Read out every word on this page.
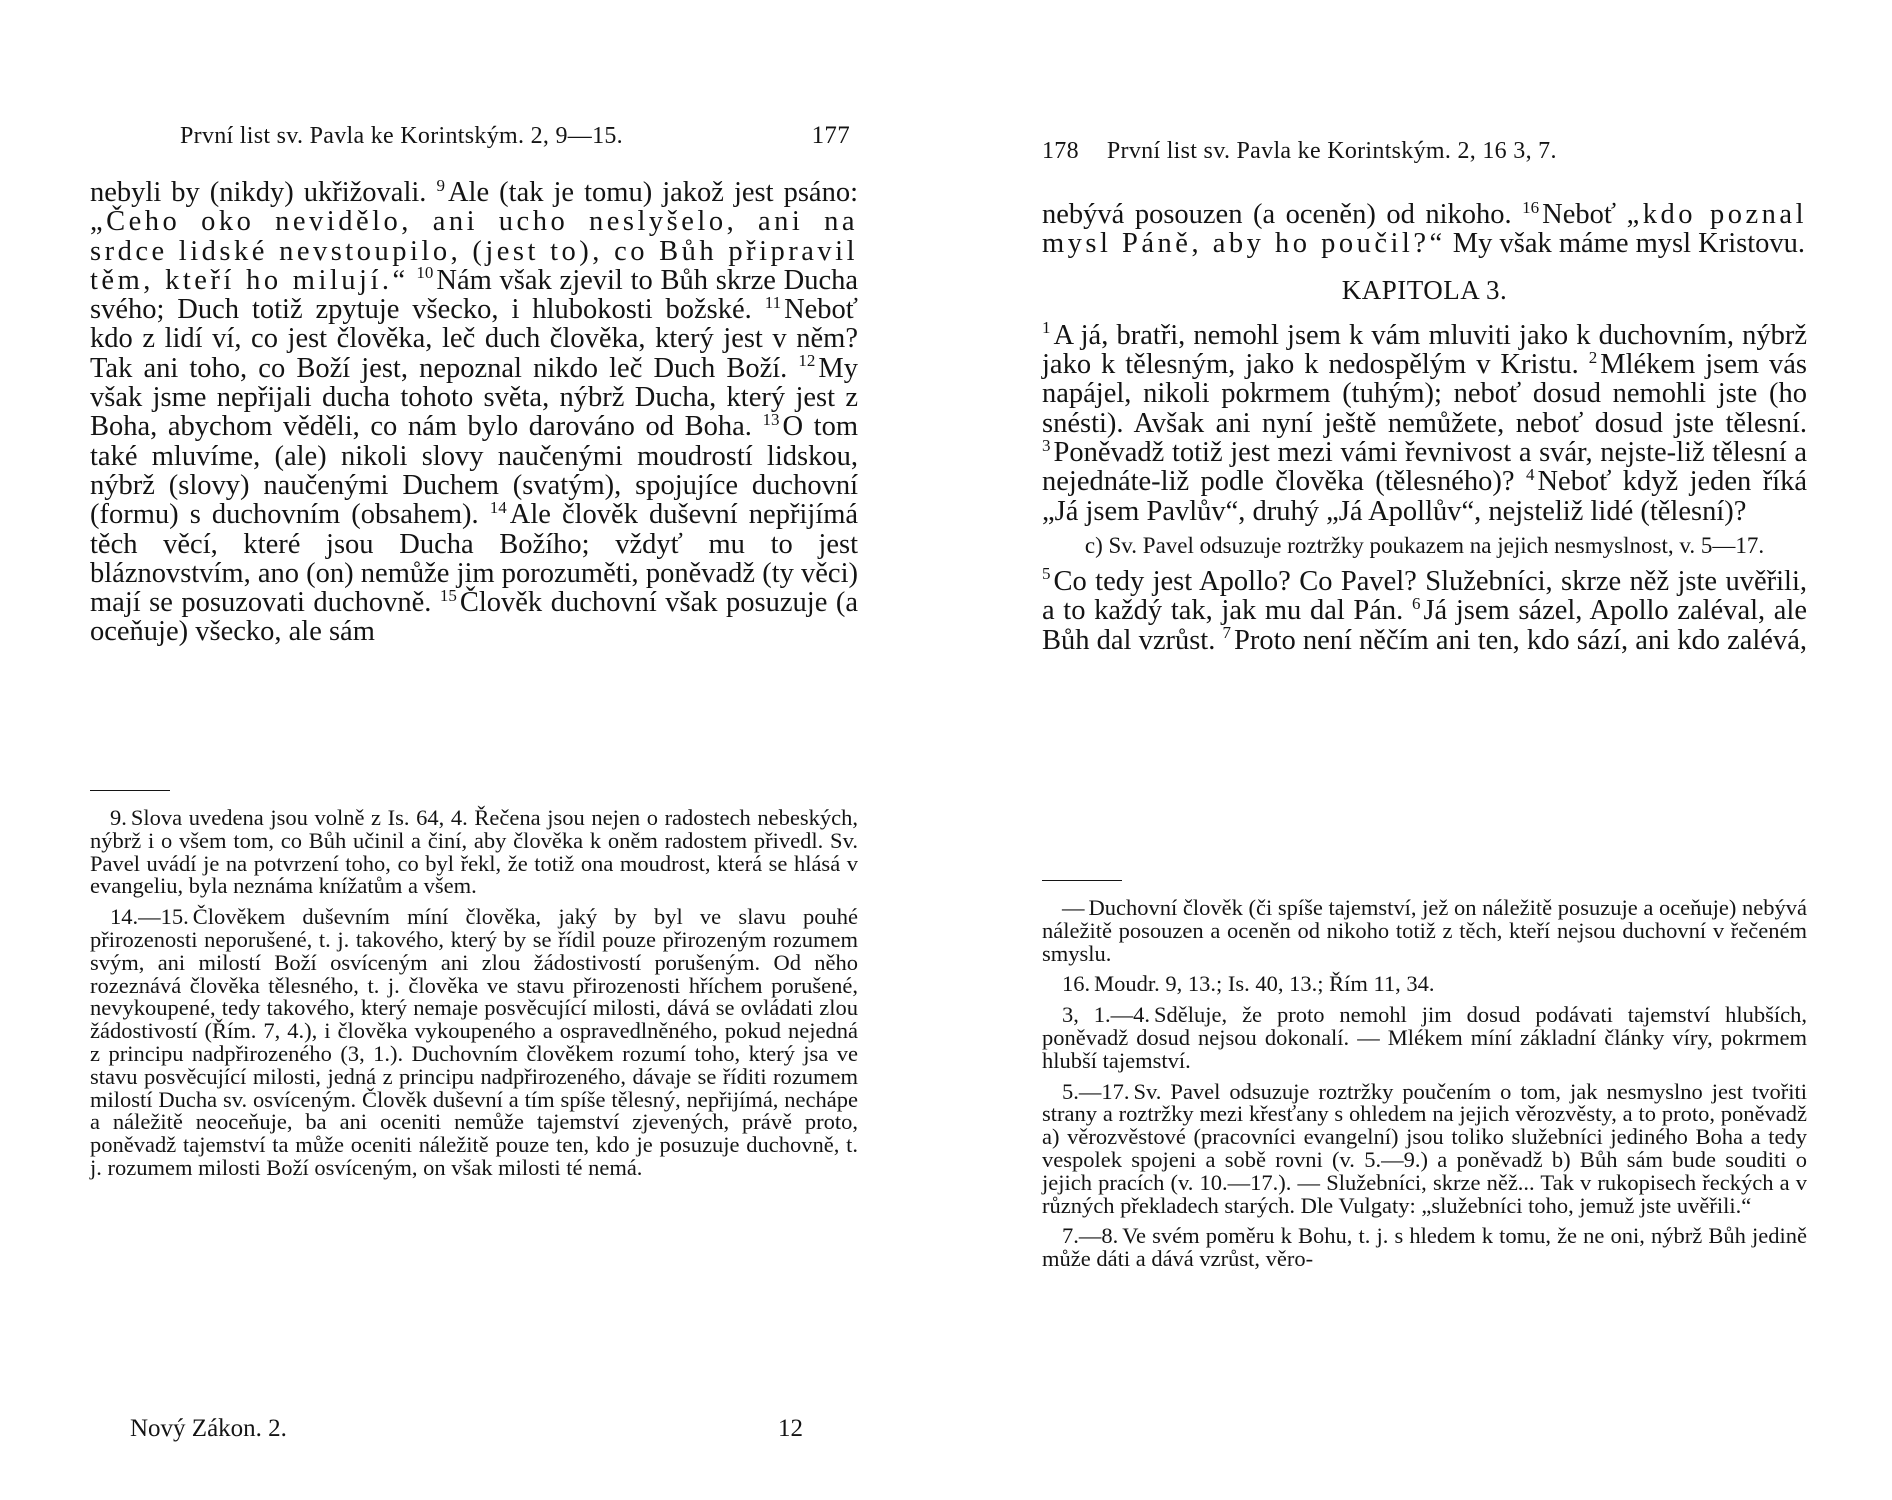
První list sv. Pavla ke Korintským. 2, 9—15.	177

nebyli by (nikdy) ukřižovali. $^9$ Ale (tak je tomu) jakož jest psáno: „Čeho oko nevidělo, ani ucho neslyšelo, ani na srdce lidské nevstoupilo, (jest to), co Bůh připravil těm, kteří ho milují.“ $^{10}$ Nám však zjevil to Bůh skrze Ducha svého; Duch totiž zpytuje všecko, i hlubokosti božské. $^{11}$ Neboť kdo z lidí ví, co jest člověka, leč duch člověka, který jest v něm? Tak ani toho, co Boží jest, nepoznal nikdo leč Duch Boží. $^{12}$ My však jsme nepřijali ducha tohoto světa, nýbrž Ducha, který jest z Boha, abychom věděli, co nám bylo darováno od Boha. $^{13}$ O tom také mluvíme, (ale) nikoli slovy naučenými moudrostí lidskou, nýbrž (slovy) naučenými Duchem (svatým), spojujíce duchovní (formu) s duchovním (obsahem). $^{14}$ Ale člověk duševní nepřijímá těch věcí, které jsou Ducha Božího; vždyť mu to jest bláznovstvím, ano (on) nemůže jim porozuměti, poněvadž (ty věci) mají se posuzovati duchovně. $^{15}$ Člověk duchovní však posuzuje (a oceňuje) všecko, ale sám

9. Slova uvedena jsou volně z Is. 64, 4. Řečena jsou nejen o radostech nebeských, nýbrž i o všem tom, co Bůh učinil a činí, aby člověka k oněm radostem přivedl. Sv. Pavel uvádí je na potvrzení toho, co byl řekl, že totiž ona moudrost, která se hlásá v evangeliu, byla neznáma knížatům a všem.

14.—15. Člověkem duševním míní člověka, jaký by byl ve slavu pouhé přirozenosti neporušené, t. j. takového, který by se řídil pouze přirozeným rozumem svým, ani milostí Boží osvíceným ani zlou žádostivostí porušeným. Od něho rozeznává člověka tělesného, t. j. člověka ve stavu přirozenosti hříchem porušené, nevykoupené, tedy takového, který nemaje posvěcující milosti, dává se ovládati zlou žádostivostí (Řím. 7, 4.), i člověka vykoupeného a ospravedlněného, pokud nejedná z principu nadpřirozeného (3, 1.). Duchovním člověkem rozumí toho, který jsa ve stavu posvěcující milosti, jedná z principu nadpřirozeného, dávaje se říditi rozumem milostí Ducha sv. osvíceným. Člověk duševní a tím spíše tělesný, nepřijímá, nechápe a náležitě neoceňuje, ba ani oceniti nemůže tajemství zjevených, právě proto, poněvadž tajemství ta může oceniti náležitě pouze ten, kdo je posuzuje duchovně, t. j. rozumem milosti Boží osvíceným, on však milosti té nemá.

Nový Zákon. 2.	12
178 První list sv. Pavla ke Korintským. 2, 16 3, 7.

nebývá posouzen (a oceněn) od nikoho. $^{16}$ Neboť „kdo poznal mysl Páně, aby ho poučil?“ My však máme mysl Kristovu.

KAPITOLA 3.

$^1$ A já, bratři, nemohl jsem k vám mluviti jako k duchovním, nýbrž jako k tělesným, jako k nedospělým v Kristu. $^2$ Mlékem jsem vás napájel, nikoli pokrmem (tuhým); neboť dosud nemohli jste (ho snésti). Avšak ani nyní ještě nemůžete, neboť dosud jste tělesní. $^3$ Poněvadž totiž jest mezi vámi řevnivost a svár, nejste-liž tělesní a nejednáte-liž podle člověka (tělesného)? $^4$ Neboť když jeden říká „Já jsem Pavlův“, druhý „Já Apollův“, nejsteliž lidé (tělesní)?

c) Sv. Pavel odsuzuje roztržky poukazem na jejich nesmyslnost, v. 5—17.

$^5$ Co tedy jest Apollo? Co Pavel? Služebníci, skrze něž jste uvěřili, a to každý tak, jak mu dal Pán. $^6$ Já jsem sázel, Apollo zaléval, ale Bůh dal vzrůst. $^7$ Proto není něčím ani ten, kdo sází, ani kdo zalévá,

— Duchovní člověk (či spíše tajemství, jež on náležitě posuzuje a oceňuje) nebývá náležitě posouzen a oceněn od nikoho totiž z těch, kteří nejsou duchovní v řečeném smyslu.

16. Moudr. 9, 13.; Is. 40, 13.; Řím 11, 34.

3, 1.—4. Sděluje, že proto nemohl jim dosud podávati tajemství hlubších, poněvadž dosud nejsou dokonalí. — Mlékem míní základní články víry, pokrmem hlubší tajemství.

5.—17. Sv. Pavel odsuzuje roztržky poučením o tom, jak nesmyslno jest tvořiti strany a roztržky mezi křesťany s ohledem na jejich věrozvěsty, a to proto, poněvadž a) věrozvěstové (pracovníci evangelní) jsou toliko služebníci jediného Boha a tedy vespolek spojeni a sobě rovni (v. 5.—9.) a poněvadž b) Bůh sám bude souditi o jejich pracích (v. 10.—17.). — Služebníci, skrze něž... Tak v rukopisech řeckých a v různých překladech starých. Dle Vulgaty: „služebníci toho, jemuž jste uvěřili.“

7.—8. Ve svém poměru k Bohu, t. j. s hledem k tomu, že ne oni, nýbrž Bůh jedině může dáti a dává vzrůst, věro-
